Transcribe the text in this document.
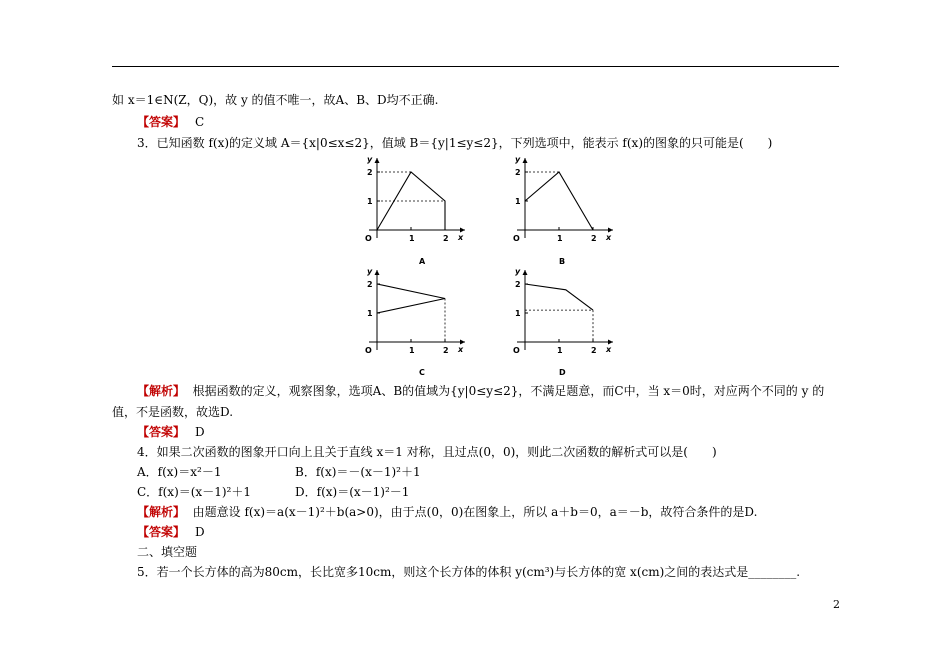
如 x＝1∈N(Z，Q)，故 y 的值不唯一，故A、B、D均不正确.
【答案】 C
3．已知函数 f(x)的定义域 A＝{x|0≤x≤2}，值域 B＝{y|1≤y≤2}，下列选项中，能表示 f(x)的图象的只可能是(　　)
1	2
1
2
O	x
y
A
1	2
1
2
O	x
y
B
1	2
1
2
O	x
y
C
1	2
1
2
O	x
y
D
【解析】 根据函数的定义，观察图象，选项A、B的值域为{y|0≤y≤2}，不满足题意，而C中，当 x＝0时，对应两个不同的 y 的
值，不是函数，故选D.
【答案】 D
4．如果二次函数的图象开口向上且关于直线 x＝1 对称，且过点(0，0)，则此二次函数的解析式可以是(　　)
A．f(x)＝x²－1	B．f(x)＝－(x－1)²＋1
C．f(x)＝(x－1)²＋1	D．f(x)＝(x－1)²－1
【解析】 由题意设 f(x)＝a(x－1)²＋b(a>0)，由于点(0，0)在图象上，所以 a＋b＝0，a＝－b，故符合条件的是D.
【答案】 D
二、填空题
5．若一个长方体的高为80cm，长比宽多10cm，则这个长方体的体积 y(cm³)与长方体的宽 x(cm)之间的表达式是________.
2
